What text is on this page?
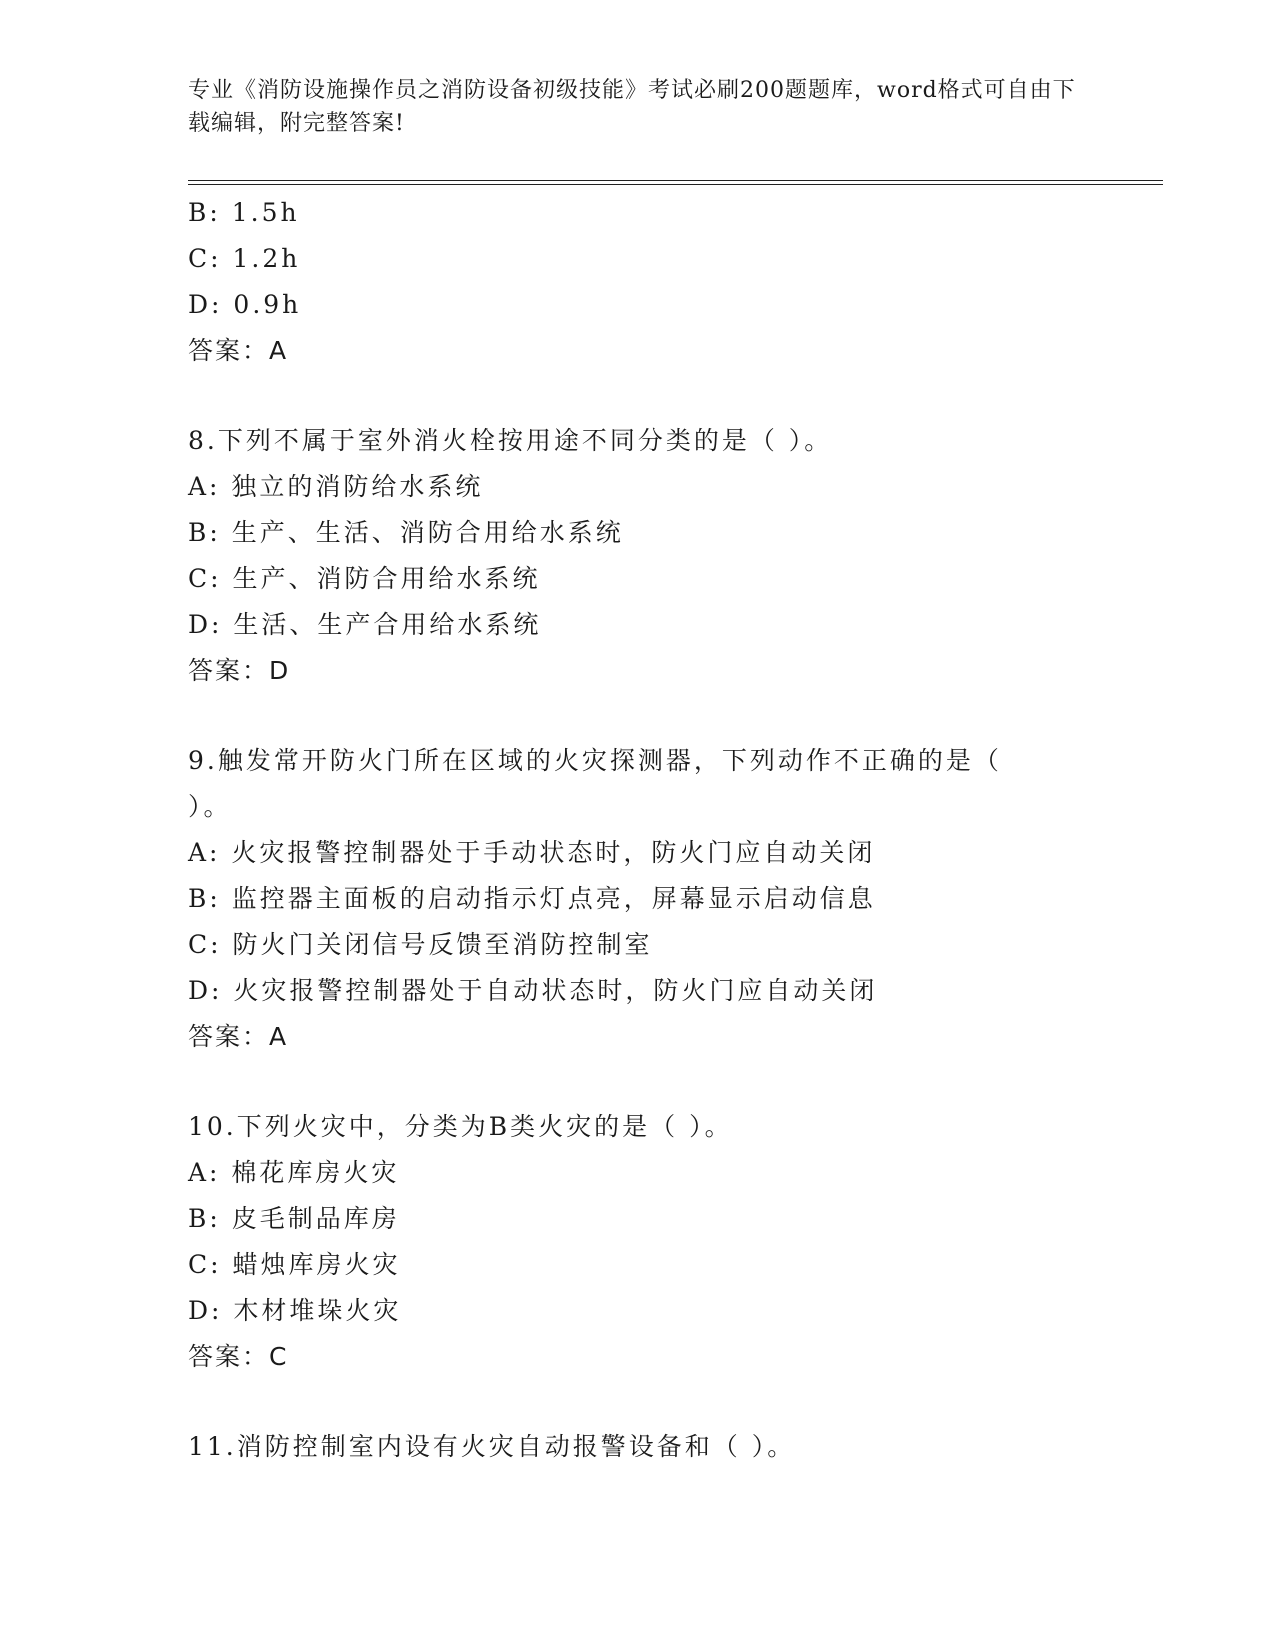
专业《消防设施操作员之消防设备初级技能》考试必刷200题题库，word格式可自由下载编辑，附完整答案!
B: 1.5h
C: 1.2h
D: 0.9h
答案：A
8.下列不属于室外消火栓按用途不同分类的是（ ）。
A: 独立的消防给水系统
B: 生产、生活、消防合用给水系统
C: 生产、消防合用给水系统
D: 生活、生产合用给水系统
答案：D
9.触发常开防火门所在区域的火灾探测器，下列动作不正确的是（ ）。
A: 火灾报警控制器处于手动状态时，防火门应自动关闭
B: 监控器主面板的启动指示灯点亮，屏幕显示启动信息
C: 防火门关闭信号反馈至消防控制室
D: 火灾报警控制器处于自动状态时，防火门应自动关闭
答案：A
10.下列火灾中，分类为B类火灾的是（ ）。
A: 棉花库房火灾
B: 皮毛制品库房
C: 蜡烛库房火灾
D: 木材堆垛火灾
答案：C
11.消防控制室内设有火灾自动报警设备和（ ）。
